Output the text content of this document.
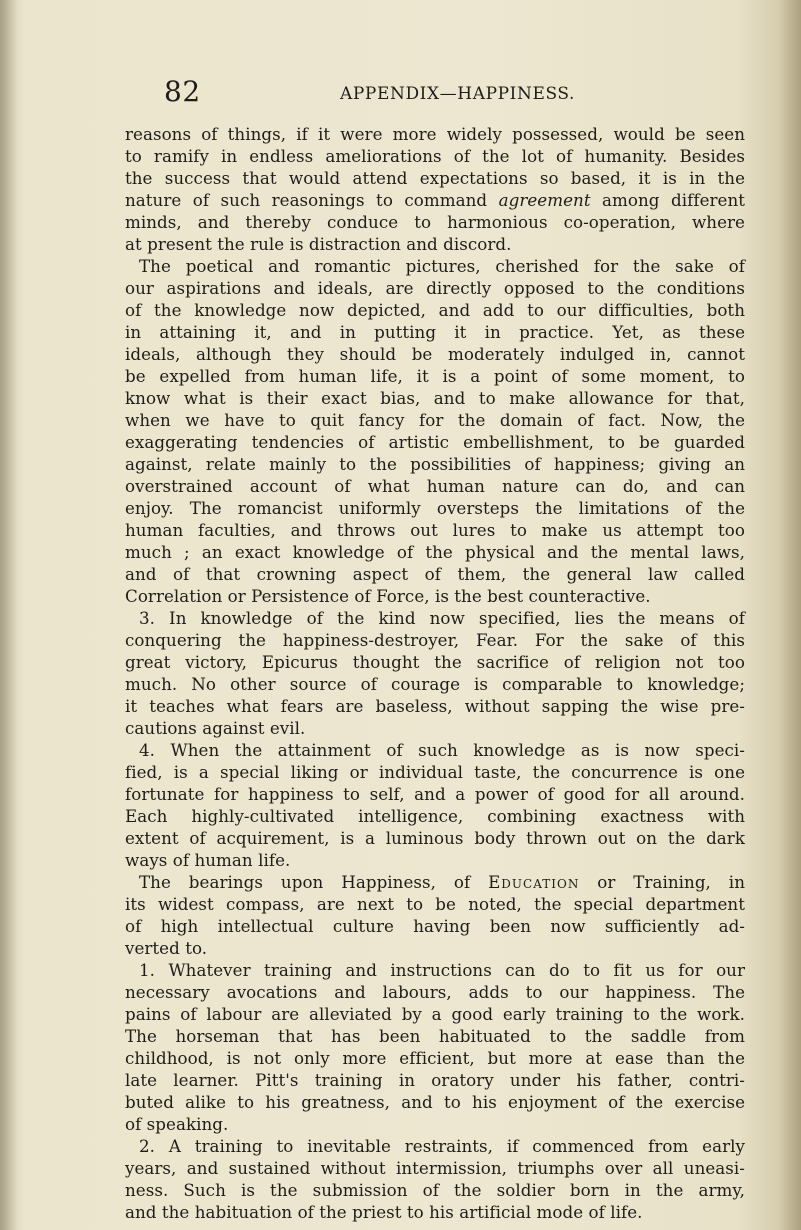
82	APPENDIX—HAPPINESS.
reasons of things, if it were more widely possessed, would be seen
to ramify in endless ameliorations of the lot of humanity. Besides
the success that would attend expectations so based, it is in the
nature of such reasonings to command agreement among different
minds, and thereby conduce to harmonious co-operation, where
at present the rule is distraction and discord.
The poetical and romantic pictures, cherished for the sake of
our aspirations and ideals, are directly opposed to the conditions
of the knowledge now depicted, and add to our difficulties, both
in attaining it, and in putting it in practice. Yet, as these
ideals, although they should be moderately indulged in, cannot
be expelled from human life, it is a point of some moment, to
know what is their exact bias, and to make allowance for that,
when we have to quit fancy for the domain of fact. Now, the
exaggerating tendencies of artistic embellishment, to be guarded
against, relate mainly to the possibilities of happiness; giving an
overstrained account of what human nature can do, and can
enjoy. The romancist uniformly oversteps the limitations of the
human faculties, and throws out lures to make us attempt too
much ; an exact knowledge of the physical and the mental laws,
and of that crowning aspect of them, the general law called
Correlation or Persistence of Force, is the best counteractive.
3. In knowledge of the kind now specified, lies the means of
conquering the happiness-destroyer, Fear. For the sake of this
great victory, Epicurus thought the sacrifice of religion not too
much. No other source of courage is comparable to knowledge;
it teaches what fears are baseless, without sapping the wise pre-
cautions against evil.
4. When the attainment of such knowledge as is now speci-
fied, is a special liking or individual taste, the concurrence is one
fortunate for happiness to self, and a power of good for all around.
Each highly-cultivated intelligence, combining exactness with
extent of acquirement, is a luminous body thrown out on the dark
ways of human life.
The bearings upon Happiness, of Education or Training, in
its widest compass, are next to be noted, the special department
of high intellectual culture having been now sufficiently ad-
verted to.
1. Whatever training and instructions can do to fit us for our
necessary avocations and labours, adds to our happiness. The
pains of labour are alleviated by a good early training to the work.
The horseman that has been habituated to the saddle from
childhood, is not only more efficient, but more at ease than the
late learner. Pitt's training in oratory under his father, contri-
buted alike to his greatness, and to his enjoyment of the exercise
of speaking.
2. A training to inevitable restraints, if commenced from early
years, and sustained without intermission, triumphs over all uneasi-
ness. Such is the submission of the soldier born in the army,
and the habituation of the priest to his artificial mode of life.
